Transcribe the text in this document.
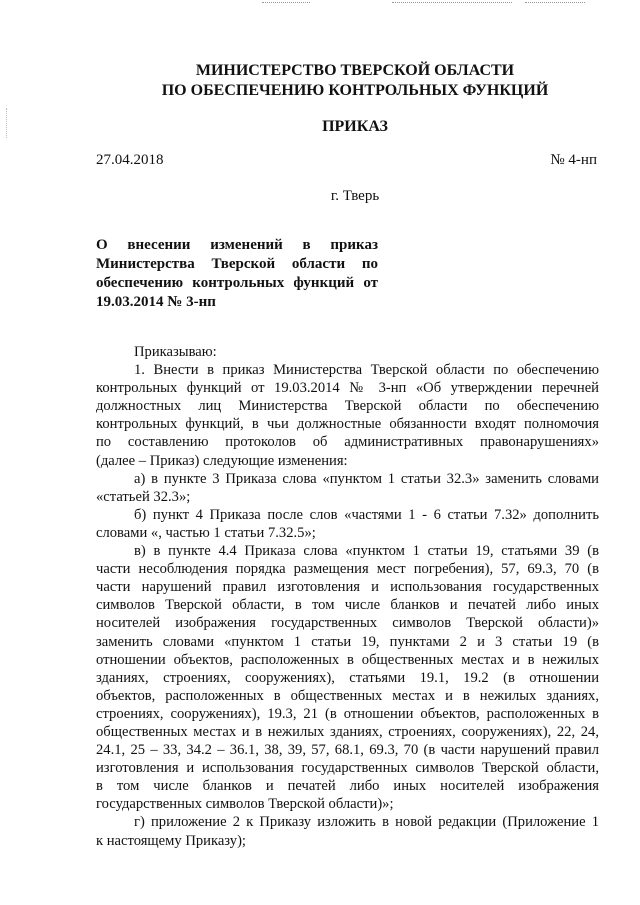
МИНИСТЕРСТВО ТВЕРСКОЙ ОБЛАСТИ
ПО ОБЕСПЕЧЕНИЮ КОНТРОЛЬНЫХ ФУНКЦИЙ
ПРИКАЗ
27.04.2018	№ 4-нп
г. Тверь
О внесении изменений в приказ
Министерства Тверской области по
обеспечению контрольных функций от
19.03.2014 № 3-нп
Приказываю:
1. Внести в приказ Министерства Тверской области по обеспечению
контрольных функций от 19.03.2014 № 3-нп «Об утверждении перечней
должностных лиц Министерства Тверской области по обеспечению
контрольных функций, в чьи должностные обязанности входят полномочия
по составлению протоколов об административных правонарушениях»
(далее – Приказ) следующие изменения:
а) в пункте 3 Приказа слова «пунктом 1 статьи 32.3» заменить словами
«статьей 32.3»;
б) пункт 4 Приказа после слов «частями 1 - 6 статьи 7.32» дополнить
словами «, частью 1 статьи 7.32.5»;
в) в пункте 4.4 Приказа слова «пунктом 1 статьи 19, статьями 39 (в
части несоблюдения порядка размещения мест погребения), 57, 69.3, 70 (в
части нарушений правил изготовления и использования государственных
символов Тверской области, в том числе бланков и печатей либо иных
носителей изображения государственных символов Тверской области)»
заменить словами «пунктом 1 статьи 19, пунктами 2 и 3 статьи 19 (в
отношении объектов, расположенных в общественных местах и в нежилых
зданиях, строениях, сооружениях), статьями 19.1, 19.2 (в отношении
объектов, расположенных в общественных местах и в нежилых зданиях,
строениях, сооружениях), 19.3, 21 (в отношении объектов, расположенных в
общественных местах и в нежилых зданиях, строениях, сооружениях), 22, 24,
24.1, 25 – 33, 34.2 – 36.1, 38, 39, 57, 68.1, 69.3, 70 (в части нарушений правил
изготовления и использования государственных символов Тверской области,
в том числе бланков и печатей либо иных носителей изображения
государственных символов Тверской области)»;
г) приложение 2 к Приказу изложить в новой редакции (Приложение 1
к настоящему Приказу);
